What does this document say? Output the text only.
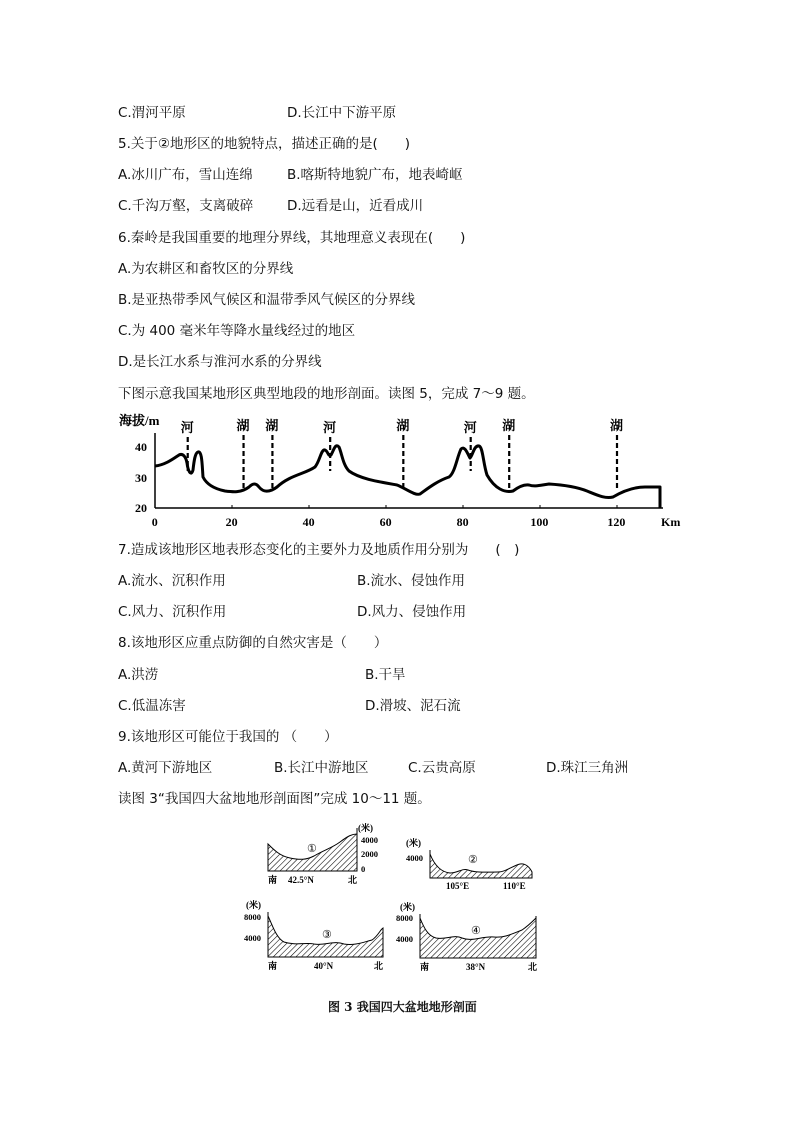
C.渭河平原	D.长江中下游平原
5.关于②地形区的地貌特点，描述正确的是(　　)
A.冰川广布，雪山连绵	B.喀斯特地貌广布，地表崎岖
C.千沟万壑，支离破碎	D.远看是山，近看成川
6.秦岭是我国重要的地理分界线，其地理意义表现在(　　)
A.为农耕区和畜牧区的分界线
B.是亚热带季风气候区和温带季风气候区的分界线
C.为 400 毫米年等降水量线经过的地区
D.是长江水系与淮河水系的分界线
下图示意我国某地形区典型地段的地形剖面。读图 5，完成 7～9 题。
海拔/m
40
30
20
0	20	40	60	80	100	120
河	湖 湖	河	湖	河 湖	湖
Km
7.造成该地形区地表形态变化的主要外力及地质作用分别为　　(　)
A.流水、沉积作用	B.流水、侵蚀作用
C.风力、沉积作用	D.风力、侵蚀作用
8.该地形区应重点防御的自然灾害是（　　）
A.洪涝	B.干旱
C.低温冻害	D.滑坡、泥石流
9.该地形区可能位于我国的 （　　）
A.黄河下游地区	B.长江中游地区	C.云贵高原	D.珠江三角洲
读图 3“我国四大盆地地形剖面图”完成 10～11 题。
(米)
4000
2000
0
①
南 42.5°N	北
(米)
4000	②
105°E	110°E
(米)
8000
4000	③
南	40°N	北
(米)
8000
4000
④
南	38°N	北
图 3 我国四大盆地地形剖面
